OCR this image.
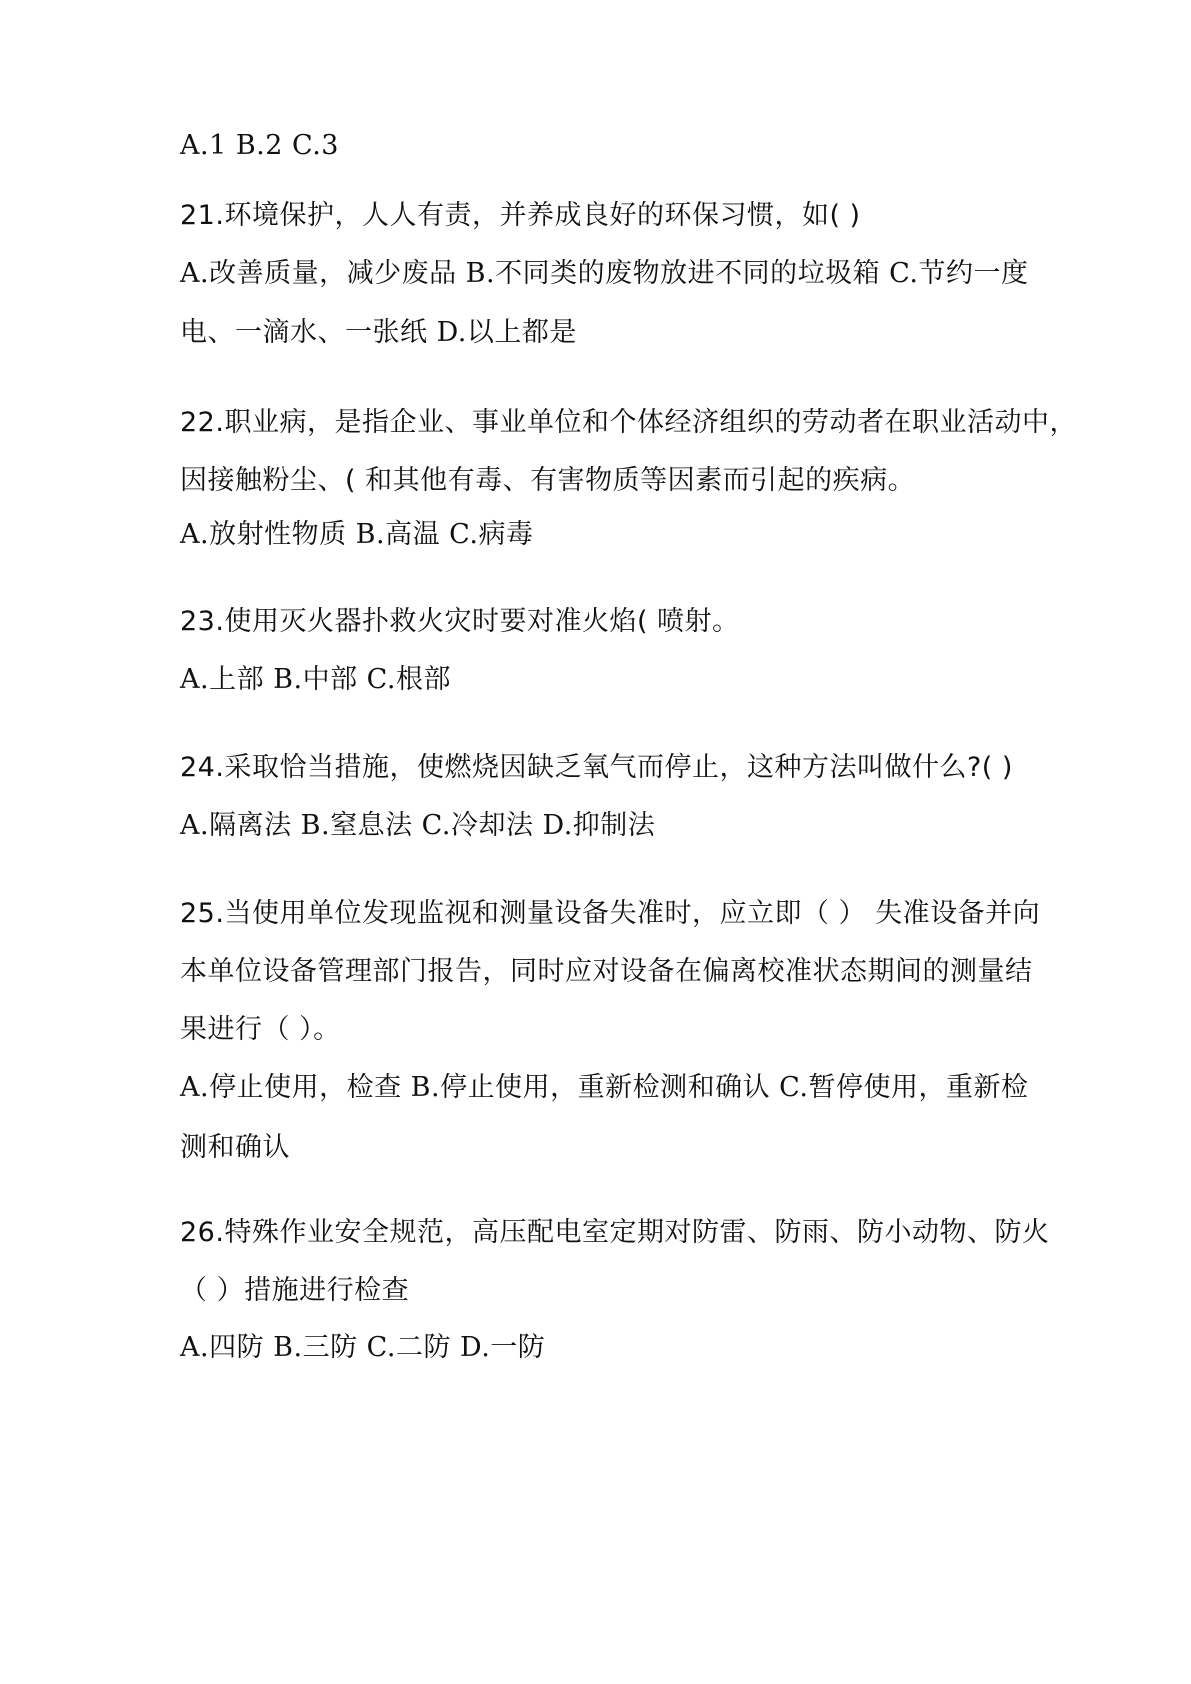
A.1 B.2 C.3
21.环境保护，人人有责，并养成良好的环保习惯，如( )
A.改善质量，减少废品 B.不同类的废物放进不同的垃圾箱 C.节约一度
电、一滴水、一张纸 D.以上都是
22.职业病，是指企业、事业单位和个体经济组织的劳动者在职业活动中，
因接触粉尘、( 和其他有毒、有害物质等因素而引起的疾病。
A.放射性物质 B.高温 C.病毒
23.使用灭火器扑救火灾时要对准火焰( 喷射。
A.上部 B.中部 C.根部
24.采取恰当措施，使燃烧因缺乏氧气而停止，这种方法叫做什么?( )
A.隔离法 B.窒息法 C.冷却法 D.抑制法
25.当使用单位发现监视和测量设备失准时，应立即（ ） 失准设备并向
本单位设备管理部门报告，同时应对设备在偏离校准状态期间的测量结
果进行（ ）。
A.停止使用，检查 B.停止使用，重新检测和确认 C.暂停使用，重新检
测和确认
26.特殊作业安全规范，高压配电室定期对防雷、防雨、防小动物、防火
（ ）措施进行检查
A.四防 B.三防 C.二防 D.一防
